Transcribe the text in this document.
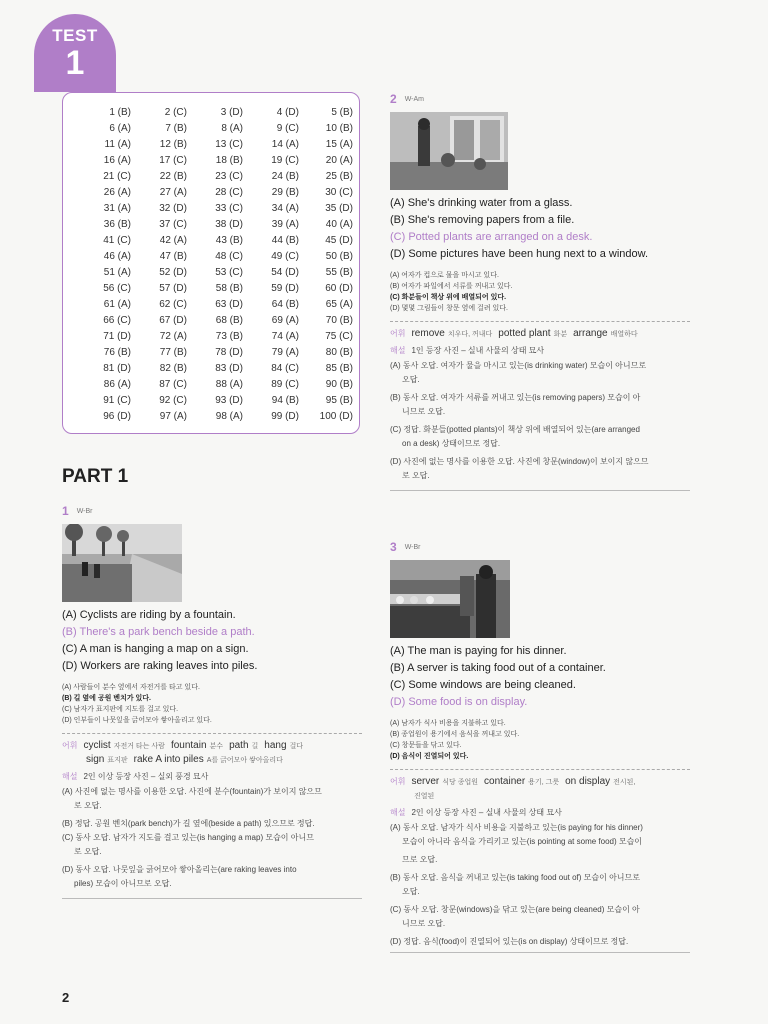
TEST
1
1 (B)
6 (A)
11 (A)
16 (A)
21 (C)
26 (A)
31 (A)
36 (B)
41 (C)
46 (A)
51 (A)
56 (C)
61 (A)
66 (C)
71 (D)
76 (B)
81 (D)
86 (A)
91 (C)
96 (D)
2 (C)
7 (B)
12 (B)
17 (C)
22 (B)
27 (A)
32 (D)
37 (C)
42 (A)
47 (B)
52 (D)
57 (D)
62 (C)
67 (D)
72 (A)
77 (B)
82 (B)
87 (C)
92 (C)
97 (A)
3 (D)
8 (A)
13 (C)
18 (B)
23 (C)
28 (C)
33 (C)
38 (D)
43 (B)
48 (C)
53 (C)
58 (B)
63 (D)
68 (B)
73 (B)
78 (D)
83 (D)
88 (A)
93 (D)
98 (A)
4 (D)
9 (C)
14 (A)
19 (C)
24 (B)
29 (B)
34 (A)
39 (A)
44 (B)
49 (C)
54 (D)
59 (D)
64 (B)
69 (A)
74 (A)
79 (A)
84 (C)
89 (C)
94 (B)
99 (D)
5 (B)
10 (B)
15 (A)
20 (A)
25 (B)
30 (C)
35 (D)
40 (A)
45 (D)
50 (B)
55 (B)
60 (D)
65 (A)
70 (B)
75 (C)
80 (B)
85 (B)
90 (B)
95 (B)
100 (D)
PART 1
1 W-Br
(A) Cyclists are riding by a fountain.
(B) There's a park bench beside a path.
(C) A man is hanging a map on a sign.
(D) Workers are raking leaves into piles.
(A) 사람들이 분수 옆에서 자전거를 타고 있다.
(B) 길 옆에 공원 벤치가 있다.
(C) 남자가 표지판에 지도를 걸고 있다.
(D) 인부들이 나뭇잎을 긁어모아 쌓아올리고 있다.
어휘 cyclist 자전거 타는 사람 fountain 분수 path 길 hang 걸다
sign 표지판 rake A into piles A를 긁어모아 쌓아올리다
해설 2인 이상 등장 사진 – 실외 풍경 묘사
(A) 사진에 없는 명사를 이용한 오답. 사진에 분수(fountain)가 보이지 않으므
로 오답.
(B) 정답. 공원 벤치(park bench)가 길 옆에(beside a path) 있으므로 정답.
(C) 동사 오답. 남자가 지도를 걸고 있는(is hanging a map) 모습이 아니므
로 오답.
(D) 동사 오답. 나뭇잎을 긁어모아 쌓아올리는(are raking leaves into
piles) 모습이 아니므로 오답.
2 W-Am
(A) She's drinking water from a glass.
(B) She's removing papers from a file.
(C) Potted plants are arranged on a desk.
(D) Some pictures have been hung next to a window.
(A) 여자가 컵으로 물을 마시고 있다.
(B) 여자가 파일에서 서류를 꺼내고 있다.
(C) 화분들이 책상 위에 배열되어 있다.
(D) 몇몇 그림들이 창문 옆에 걸려 있다.
어휘 remove 치우다, 꺼내다 potted plant 화분 arrange 배열하다
해설 1인 등장 사진 – 실내 사물의 상태 묘사
(A) 동사 오답. 여자가 물을 마시고 있는(is drinking water) 모습이 아니므로
오답.
(B) 동사 오답. 여자가 서류를 꺼내고 있는(is removing papers) 모습이 아
니므로 오답.
(C) 정답. 화분들(potted plants)이 책상 위에 배열되어 있는(are arranged
on a desk) 상태이므로 정답.
(D) 사진에 없는 명사를 이용한 오답. 사진에 창문(window)이 보이지 않으므
로 오답.
3 W-Br
(A) The man is paying for his dinner.
(B) A server is taking food out of a container.
(C) Some windows are being cleaned.
(D) Some food is on display.
(A) 남자가 식사 비용을 지불하고 있다.
(B) 종업원이 용기에서 음식을 꺼내고 있다.
(C) 창문들을 닦고 있다.
(D) 음식이 진열되어 있다.
어휘 server 식당 종업원 container 용기, 그릇 on display 전시된,
진열된
해설 2인 이상 등장 사진 – 실내 사물의 상태 묘사
(A) 동사 오답. 남자가 식사 비용을 지불하고 있는(is paying for his dinner)
모습이 아니라 음식을 가리키고 있는(is pointing at some food) 모습이
므로 오답.
(B) 동사 오답. 음식을 꺼내고 있는(is taking food out of) 모습이 아니므로
오답.
(C) 동사 오답. 창문(windows)을 닦고 있는(are being cleaned) 모습이 아
니므로 오답.
(D) 정답. 음식(food)이 진열되어 있는(is on display) 상태이므로 정답.
2
